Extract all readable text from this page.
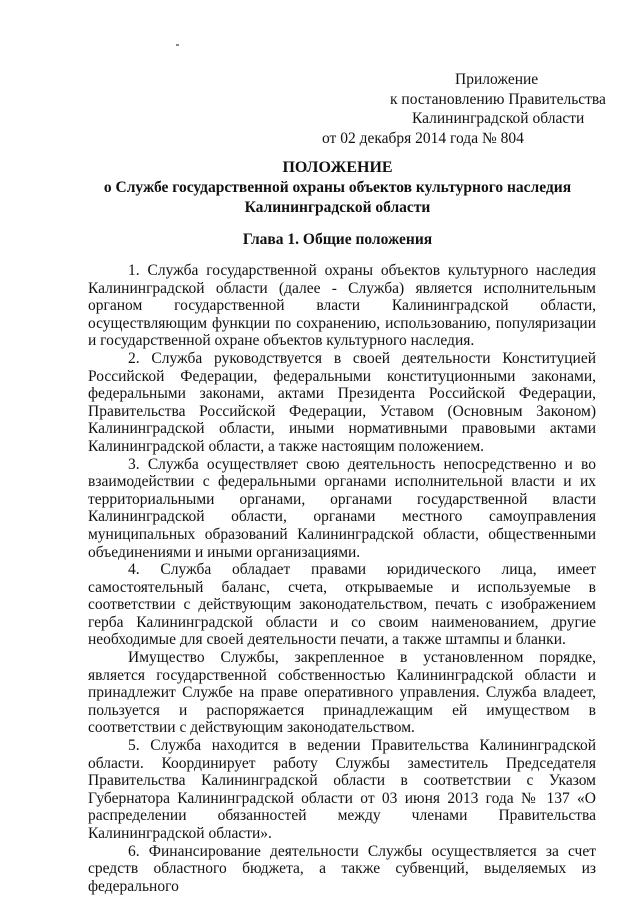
Приложение
к постановлению Правительства
Калининградской области
от 02 декабря 2014 года № 804
ПОЛОЖЕНИЕ
о Службе государственной охраны объектов культурного наследия
Калининградской области
Глава 1. Общие положения

1. Служба государственной охраны объектов культурного наследия Калининградской области (далее - Служба) является исполнительным органом государственной власти Калининградской области, осуществляющим функции по сохранению, использованию, популяризации и государственной охране объектов культурного наследия.

2. Служба руководствуется в своей деятельности Конституцией Российской Федерации, федеральными конституционными законами, федеральными законами, актами Президента Российской Федерации, Правительства Российской Федерации, Уставом (Основным Законом) Калининградской области, иными нормативными правовыми актами Калининградской области, а также настоящим положением.

3. Служба осуществляет свою деятельность непосредственно и во взаимодействии с федеральными органами исполнительной власти и их территориальными органами, органами государственной власти Калининградской области, органами местного самоуправления муниципальных образований Калининградской области, общественными объединениями и иными организациями.

4. Служба обладает правами юридического лица, имеет самостоятельный баланс, счета, открываемые и используемые в соответствии с действующим законодательством, печать с изображением герба Калининградской области и со своим наименованием, другие необходимые для своей деятельности печати, а также штампы и бланки.

Имущество Службы, закрепленное в установленном порядке, является государственной собственностью Калининградской области и принадлежит Службе на праве оперативного управления. Служба владеет, пользуется и распоряжается принадлежащим ей имуществом в соответствии с действующим законодательством.

5. Служба находится в ведении Правительства Калининградской области. Координирует работу Службы заместитель Председателя Правительства Калининградской области в соответствии с Указом Губернатора Калининградской области от 03 июня 2013 года № 137 «О распределении обязанностей между членами Правительства Калининградской области».

6. Финансирование деятельности Службы осуществляется за счет средств областного бюджета, а также субвенций, выделяемых из федерального
